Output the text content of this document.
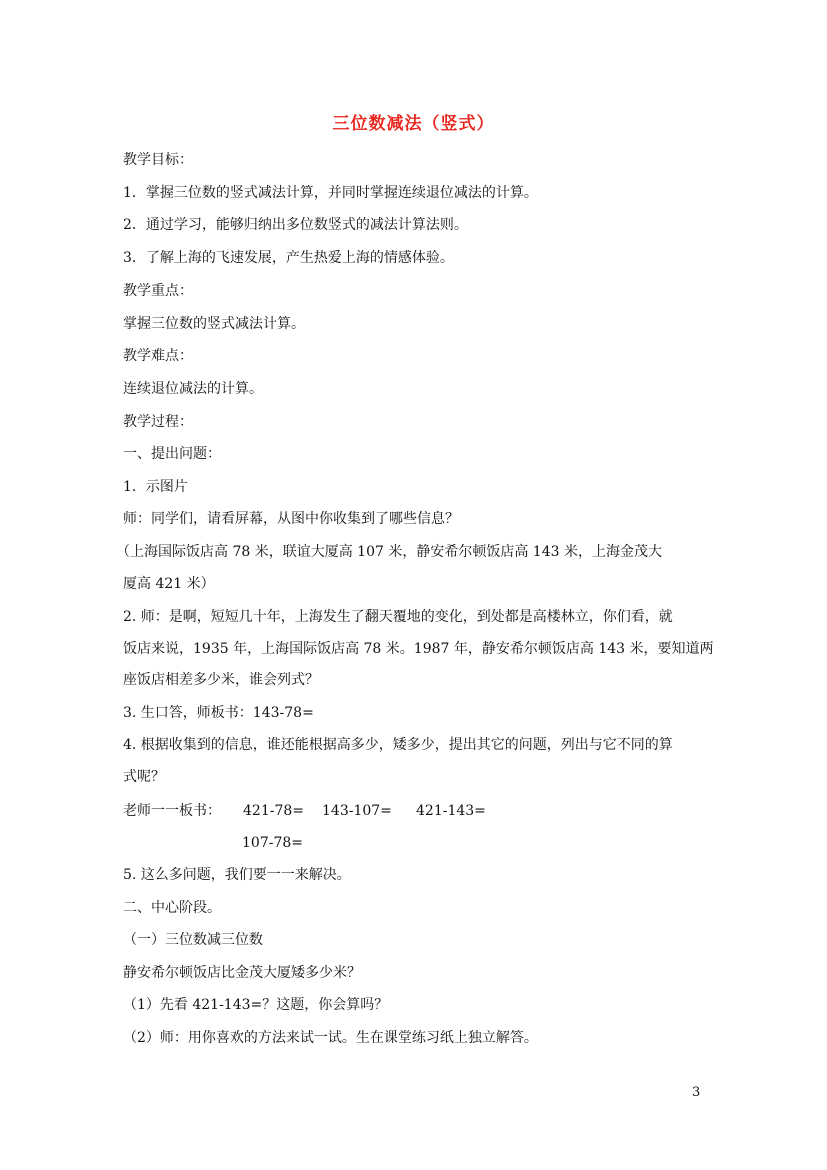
三位数减法（竖式）
教学目标：
1．掌握三位数的竖式减法计算，并同时掌握连续退位减法的计算。
2．通过学习，能够归纳出多位数竖式的减法计算法则。
3．了解上海的飞速发展，产生热爱上海的情感体验。
教学重点：
掌握三位数的竖式减法计算。
教学难点：
连续退位减法的计算。
教学过程：
一、提出问题：
1．示图片
师：同学们，请看屏幕，从图中你收集到了哪些信息？
（上海国际饭店高 78 米，联谊大厦高 107 米，静安希尔顿饭店高 143 米，上海金茂大
厦高 421 米）
2. 师：是啊，短短几十年，上海发生了翻天覆地的变化，到处都是高楼林立，你们看，就
饭店来说，1935 年，上海国际饭店高 78 米。1987 年，静安希尔顿饭店高 143 米，要知道两
座饭店相差多少米，谁会列式？
3. 生口答，师板书：143-78=
4. 根据收集到的信息，谁还能根据高多少，矮多少，提出其它的问题，列出与它不同的算
式呢？
老师一一板书： 421-78= 143-107= 421-143=
107-78=
5. 这么多问题，我们要一一来解决。
二、中心阶段。
（一）三位数减三位数
静安希尔顿饭店比金茂大厦矮多少米？
（1）先看 421-143=？这题，你会算吗？
（2）师：用你喜欢的方法来试一试。生在课堂练习纸上独立解答。
3
